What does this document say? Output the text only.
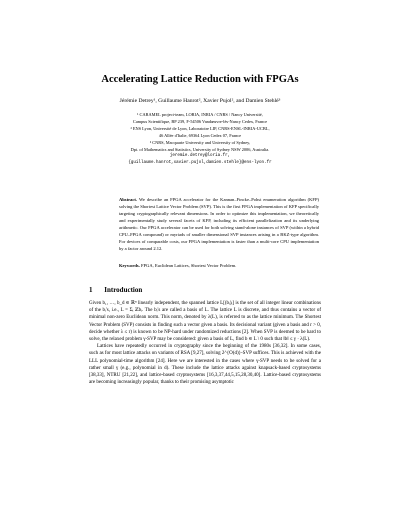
Accelerating Lattice Reduction with FPGAs
Jérémie Detrey¹, Guillaume Hanrot², Xavier Pujol², and Damien Stehlé³
¹ CARAMEL project-team, LORIA, INRIA / CNRS / Nancy Université,
Campus Scientifique, BP 239, F-54506 Vandœuvre-lès-Nancy Cedex, France
² ENS Lyon, Université de Lyon, Laboratoire LIP, CNRS-ENSL-INRIA-UCBL,
46 Allée d'Italie, 69364 Lyon Cedex 07, France
³ CNRS, Macquarie University and University of Sydney,
Dpt. of Mathematics and Statistics, University of Sydney NSW 2006, Australia.
jeremie.detrey@loria.fr,
{guillaume.hanrot,xavier.pujol,damien.stehle}@ens-lyon.fr
Abstract. We describe an FPGA accelerator for the Kannan–Fincke–Pohst enumeration algorithm (KFP) solving the Shortest Lattice Vector Problem (SVP). This is the first FPGA implementation of KFP specifically targeting cryptographically relevant dimensions. In order to optimize this implementation, we theoretically and experimentally study several facets of KFP, including its efficient parallelization and its underlying arithmetic. Our FPGA accelerator can be used for both solving stand-alone instances of SVP (within a hybrid CPU–FPGA compound) or myriads of smaller dimensional SVP instances arising in a BKZ-type algorithm. For devices of comparable costs, our FPGA implementation is faster than a multi-core CPU implementation by a factor around 2.12.
Keywords. FPGA, Euclidean Lattices, Shortest Vector Problem.
1 Introduction

Given b₁, …, b_d ∈ ℝⁿ linearly independent, the spanned lattice L[(bᵢ)ᵢ] is the set of all integer linear combinations of the bᵢ's, i.e., L = Σᵢ ℤbᵢ. The bᵢ's are called a basis of L. The lattice L is discrete, and thus contains a vector of minimal non-zero Euclidean norm. This norm, denoted by λ(L), is referred to as the lattice minimum. The Shortest Vector Problem (SVP) consists in finding such a vector given a basis. Its decisional variant (given a basis and r > 0, decide whether λ ≤ r) is known to be NP-hard under randomized reductions [2]. When SVP is deemed to be hard to solve, the relaxed problem γ-SVP may be considered: given a basis of L, find b ∈ L \ 0 such that ‖b‖ ≤ γ · λ(L).

Lattices have repeatedly occurred in cryptography since the beginning of the 1980s [36,32]. In some cases, such as for most lattice attacks on variants of RSA [9,27], solving 2^{O(d)}-SVP suffices. This is achieved with the LLL polynomial-time algorithm [24]. Here we are interested in the cases where γ-SVP needs to be solved for a rather small γ (e.g., polynomial in d). These include the lattice attacks against knapsack-based cryptosystems [38,33], NTRU [21,22], and lattice-based cryptosystems [16,3,37,44,5,15,28,30,40]. Lattice-based cryptosystems are becoming increasingly popular, thanks to their promising asymptotic
